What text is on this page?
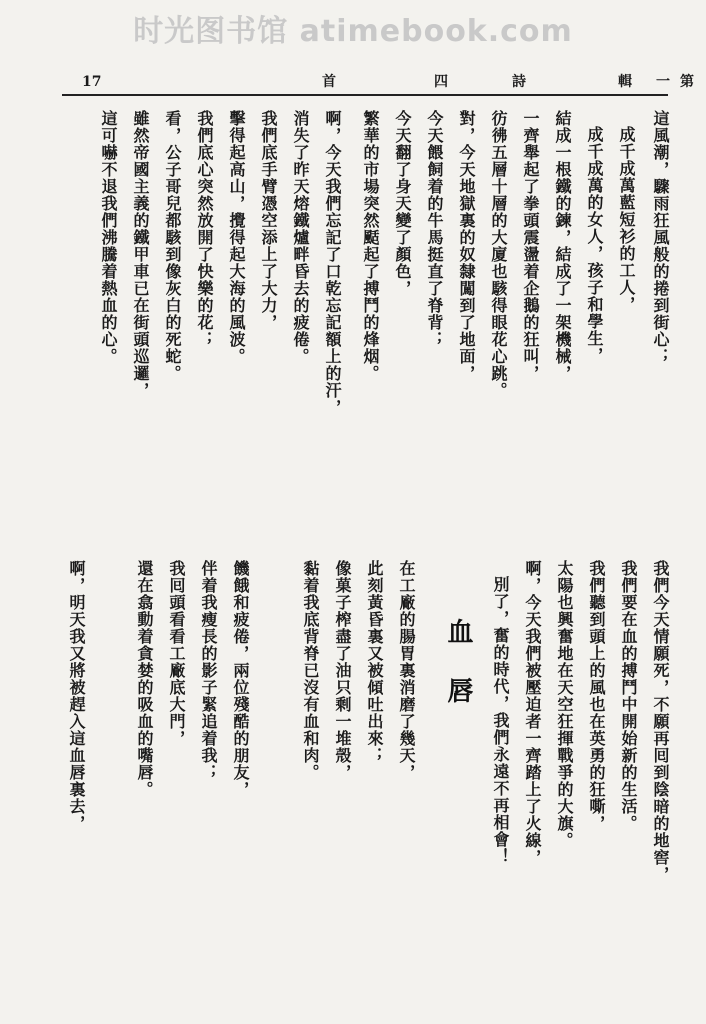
时光图书馆 atimebook.com
17	首	四	詩	輯 一 第
這風潮，驟雨狂風般的捲到街心；
成千成萬藍短衫的工人，
成千成萬的女人，孩子和學生，
結成一根鐵的鍊，結成了一架機械，
一齊舉起了拳頭震盪着企鵝的狂叫，
彷彿五層十層的大廈也駭得眼花心跳。
對，今天地獄裏的奴隸闖到了地面，
今天餵飼着的牛馬挺直了脊背；
今天翻了身天變了顏色，
繁華的市場突然颳起了搏鬥的烽烟。
啊，今天我們忘記了口乾忘記額上的汗，
消失了昨天熔鐵爐畔昏去的疲倦。
我們底手臂憑空添上了大力，
擊得起高山，攪得起大海的風波。
我們底心突然放開了快樂的花；
看，公子哥兒都駭到像灰白的死蛇。
雖然帝國主義的鐵甲車已在街頭巡邏，
這可嚇不退我們沸騰着熱血的心。
我們今天情願死，不願再囘到陰暗的地窖，
我們要在血的搏鬥中開始新的生活。
我們聽到頭上的風也在英勇的狂嘶，
太陽也興奮地在天空狂揮戰爭的大旗。
啊，今天我們被壓迫者一齊踏上了火線，
別了，奮的時代，我們永遠不再相會！
血 唇
在工廠的腸胃裏消磨了幾天，
此刻黃昏裏又被傾吐出來；
像菓子榨盡了油只剩一堆殼，
黏着我底背脊已沒有血和肉。
饑餓和疲倦，兩位殘酷的朋友，
伴着我瘦長的影子緊追着我；
我囘頭看看工廠底大門，
還在翕動着貪婪的吸血的嘴唇。
啊，明天我又將被趕入這血唇裏去，
